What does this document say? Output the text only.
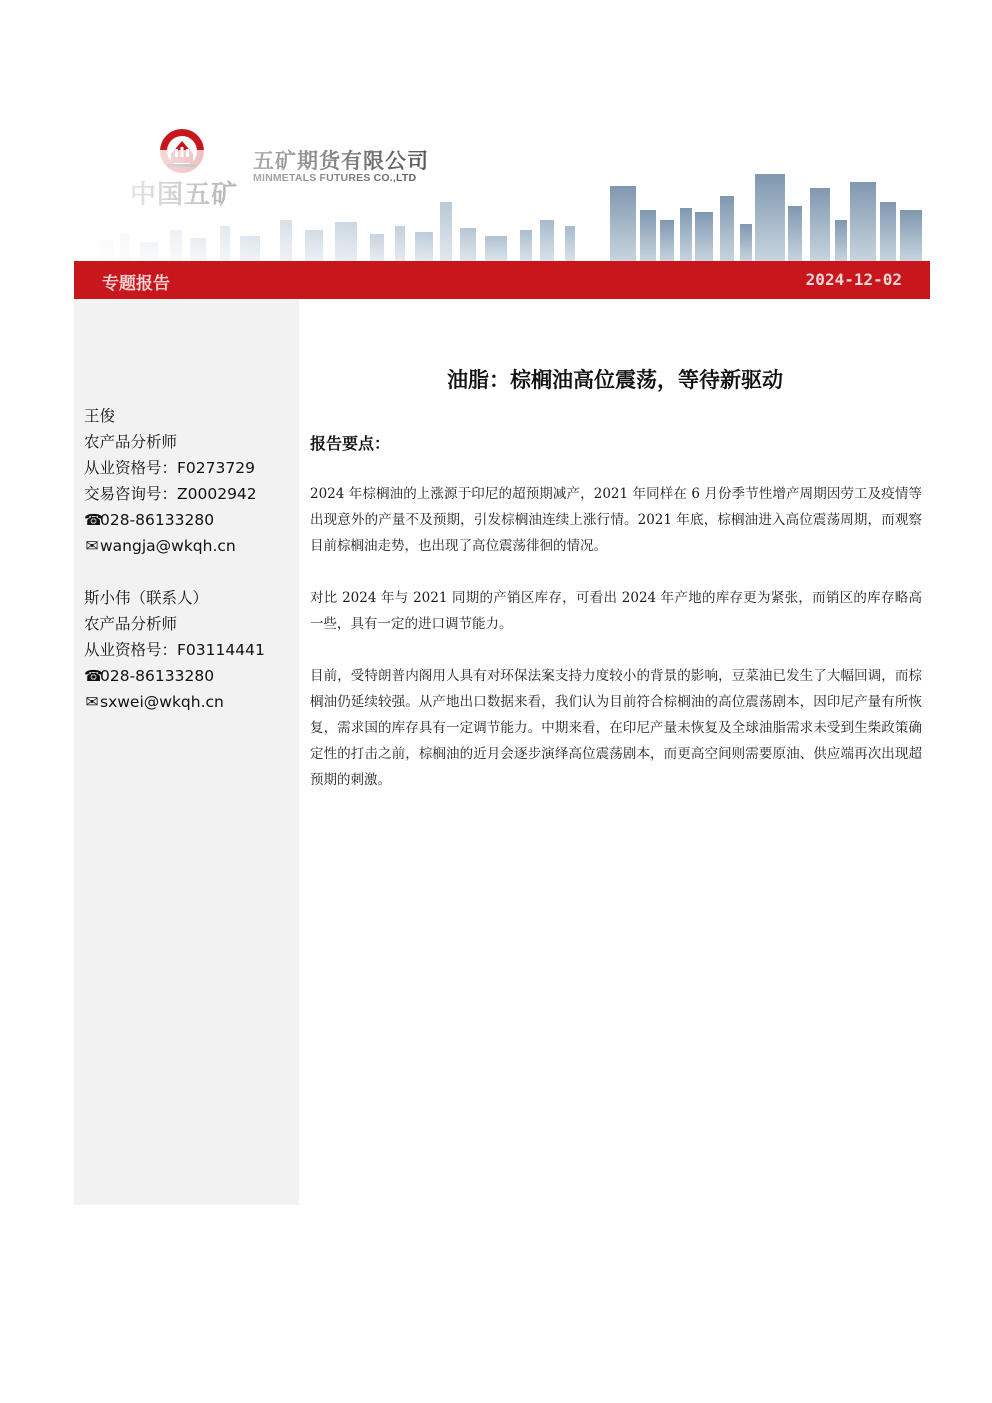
专题报告	2024-12-02
王俊
农产品分析师
从业资格号：F0273729
交易咨询号：Z0002942
☎028-86133280
✉wangja@wkqh.cn
斯小伟（联系人）
农产品分析师
从业资格号：F03114441
☎028-86133280
✉sxwei@wkqh.cn
油脂：棕榈油高位震荡，等待新驱动
报告要点：

2024 年棕榈油的上涨源于印尼的超预期减产，2021 年同样在 6 月份季节性增产周期因劳工及疫情等出现意外的产量不及预期，引发棕榈油连续上涨行情。2021 年底，棕榈油进入高位震荡周期，而观察目前棕榈油走势，也出现了高位震荡徘徊的情况。

对比 2024 年与 2021 同期的产销区库存，可看出 2024 年产地的库存更为紧张，而销区的库存略高一些，具有一定的进口调节能力。

目前，受特朗普内阁用人具有对环保法案支持力度较小的背景的影响，豆菜油已发生了大幅回调，而棕榈油仍延续较强。从产地出口数据来看，我们认为目前符合棕榈油的高位震荡剧本，因印尼产量有所恢复，需求国的库存具有一定调节能力。中期来看，在印尼产量未恢复及全球油脂需求未受到生柴政策确定性的打击之前，棕榈油的近月会逐步演绎高位震荡剧本，而更高空间则需要原油、供应端再次出现超预期的刺激。
